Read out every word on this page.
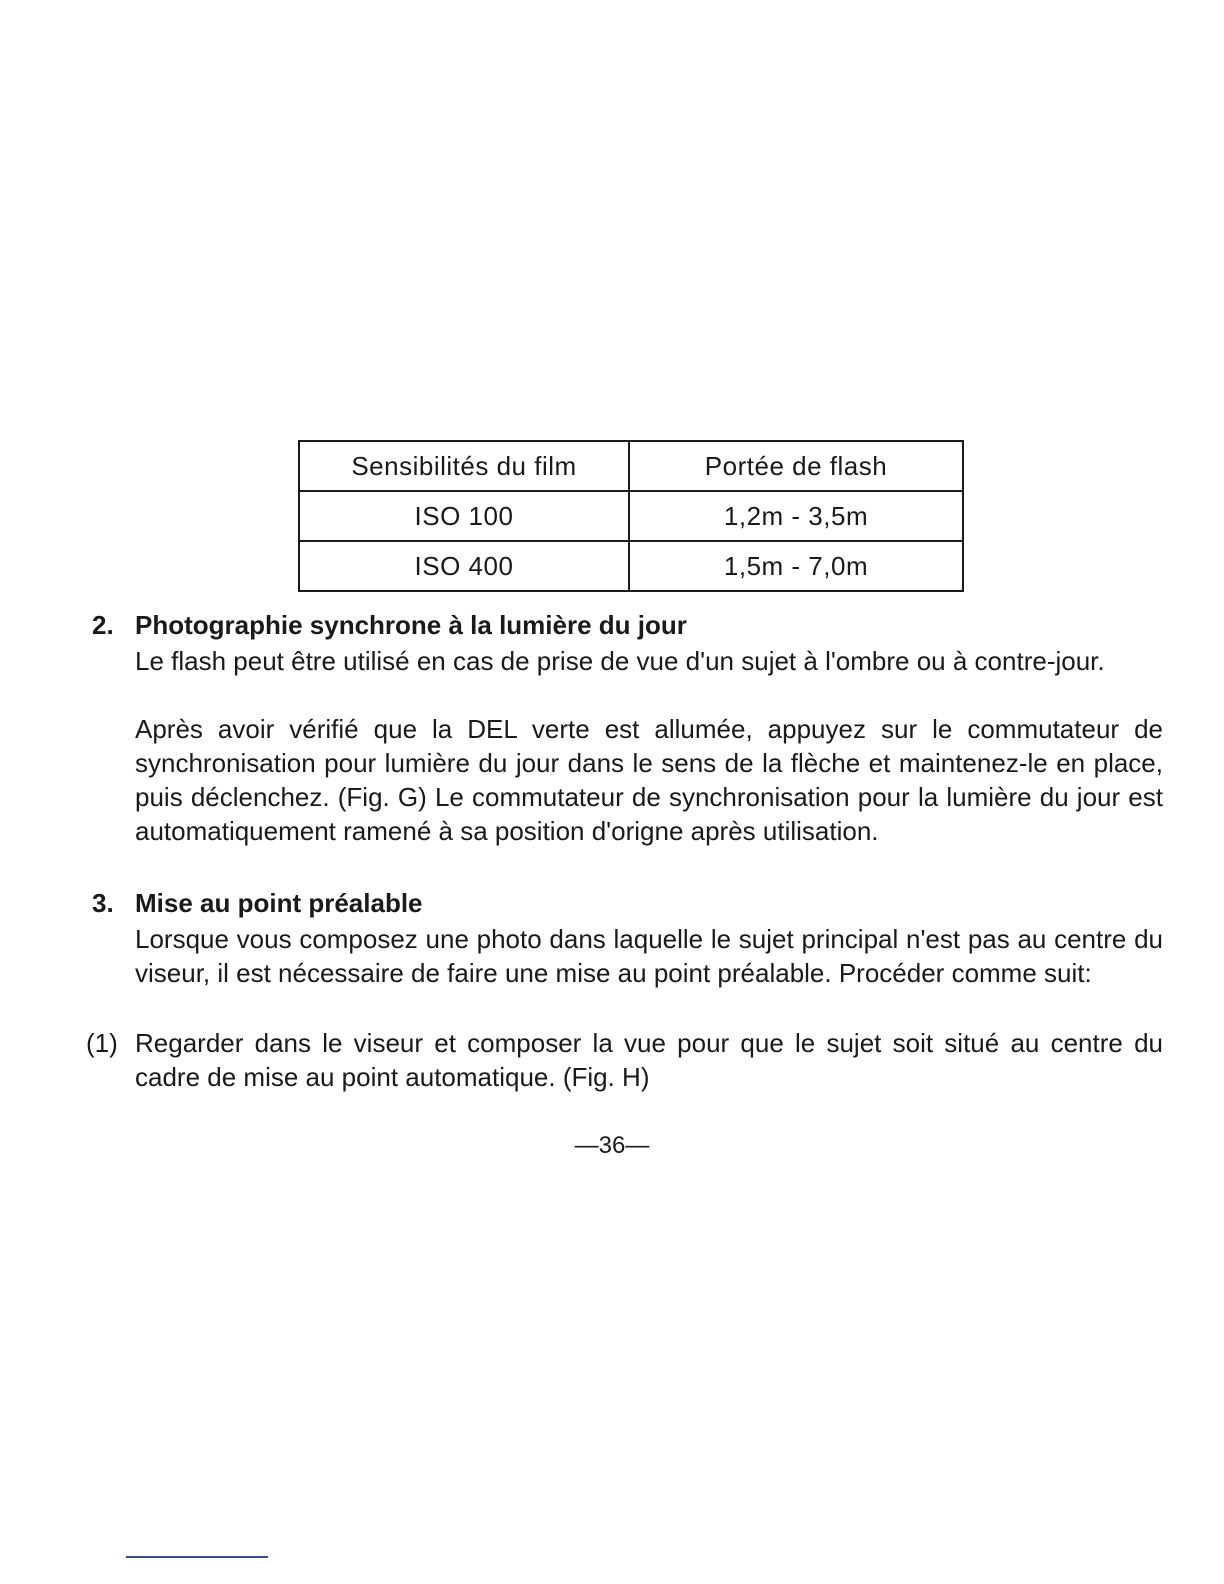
Sensibilités du film	Portée de flash
ISO 100	1,2m - 3,5m
ISO 400	1,5m - 7,0m
2. Photographie synchrone à la lumière du jour

Le flash peut être utilisé en cas de prise de vue d'un sujet à l'ombre ou à contre-jour.

Après avoir vérifié que la DEL verte est allumée, appuyez sur le commutateur de synchronisation pour lumière du jour dans le sens de la flèche et maintenez-le en place, puis déclenchez. (Fig. G) Le commutateur de synchronisation pour la lumière du jour est automatiquement ramené à sa position d'origne après utilisation.

3. Mise au point préalable

Lorsque vous composez une photo dans laquelle le sujet principal n'est pas au centre du viseur, il est nécessaire de faire une mise au point préalable. Procéder comme suit:

(1) Regarder dans le viseur et composer la vue pour que le sujet soit situé au centre du cadre de mise au point automatique. (Fig. H)

—36—
